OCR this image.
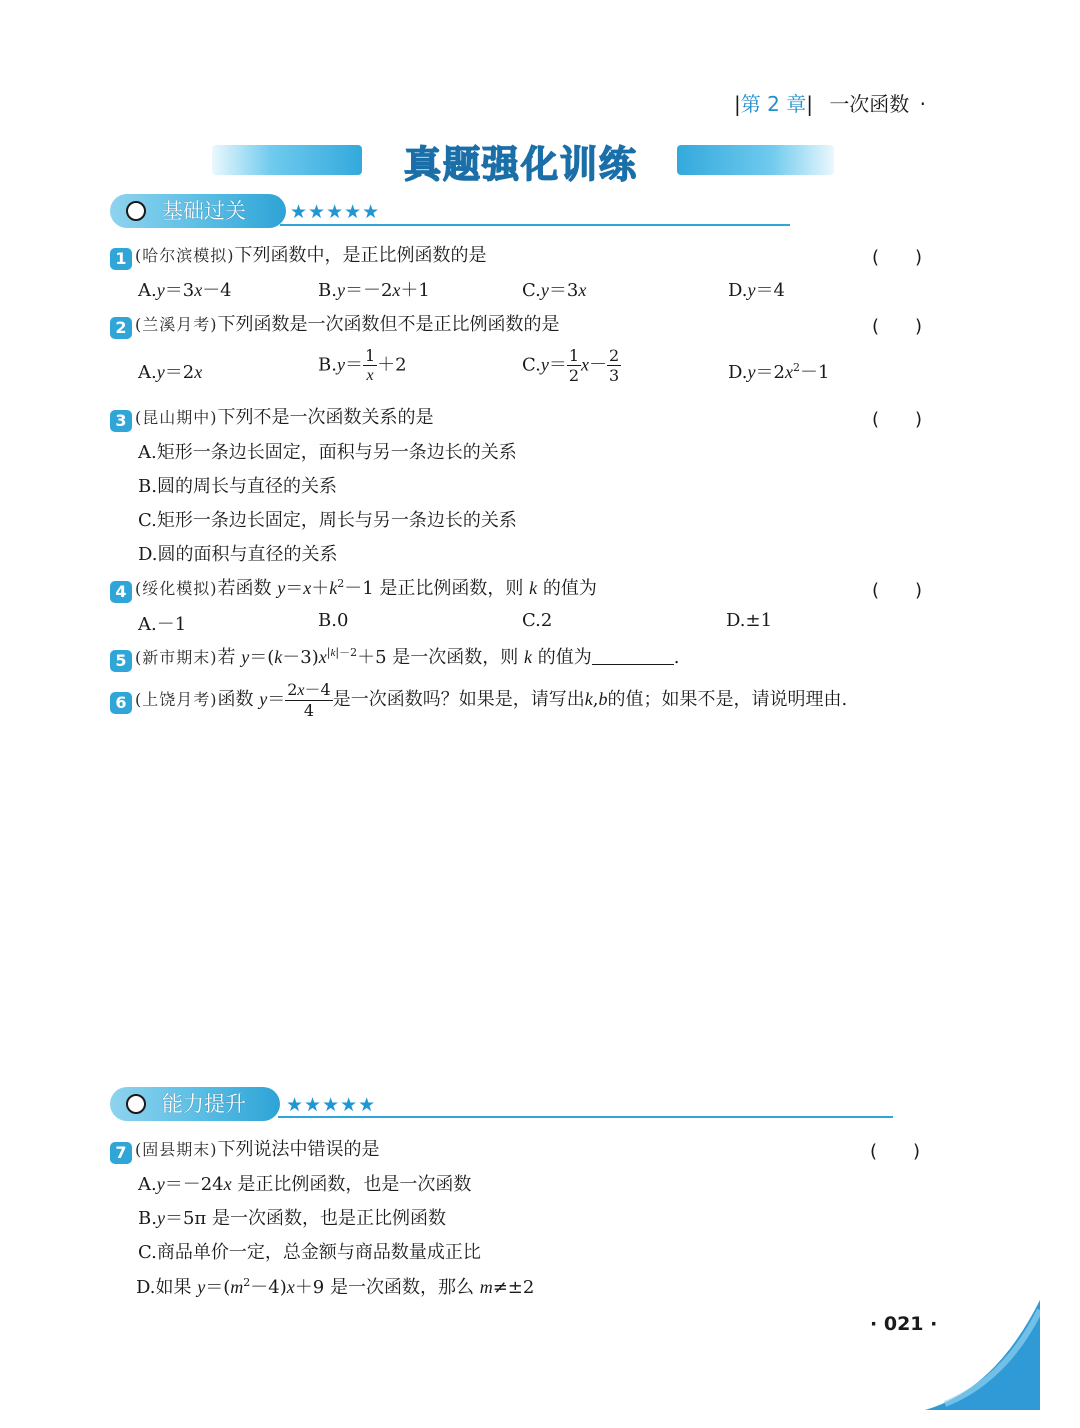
|第 2 章| 一次函数 ·
真题强化训练
基础过关	★★★★★
1 (哈尔滨模拟)下列函数中，是正比例函数的是	(　　)
A.y＝3x－4	B.y＝－2x＋1	C.y＝3x	D.y＝4
2 (兰溪月考)下列函数是一次函数但不是正比例函数的是	(　　)
A.y＝2x	$B.y= \frac{1}{x} +2$	$C.y= \frac{1}{2} x- \frac{2}{3}$	$D.y=2x^2-1$
3 (昆山期中)下列不是一次函数关系的是	(　　)
A.矩形一条边长固定，面积与另一条边长的关系
B.圆的周长与直径的关系
C.矩形一条边长固定，周长与另一条边长的关系
D.圆的面积与直径的关系
4 (绥化模拟)若函数 $y=x+k^2-1$ 是正比例函数，则 k 的值为	(　　)
A.－1	B.0	C.2	D.±1
5 (新市期末)若 $y=(k-3)x^{|k|-2}+5$ 是一次函数，则 k 的值为	.
6 (上饶月考)函数 $y= \frac{2x-4}{4}$ 是一次函数吗？如果是，请写出k,b的值；如果不是，请说明理由.
能力提升	★★★★★
7 (固县期末)下列说法中错误的是	(　　)
A.y＝－24x 是正比例函数，也是一次函数
B.y＝5π 是一次函数，也是正比例函数
C.商品单价一定，总金额与商品数量成正比
D.如果 $y=(m^2-4)x+9$ 是一次函数，那么 m≠±2
· 021 ·
